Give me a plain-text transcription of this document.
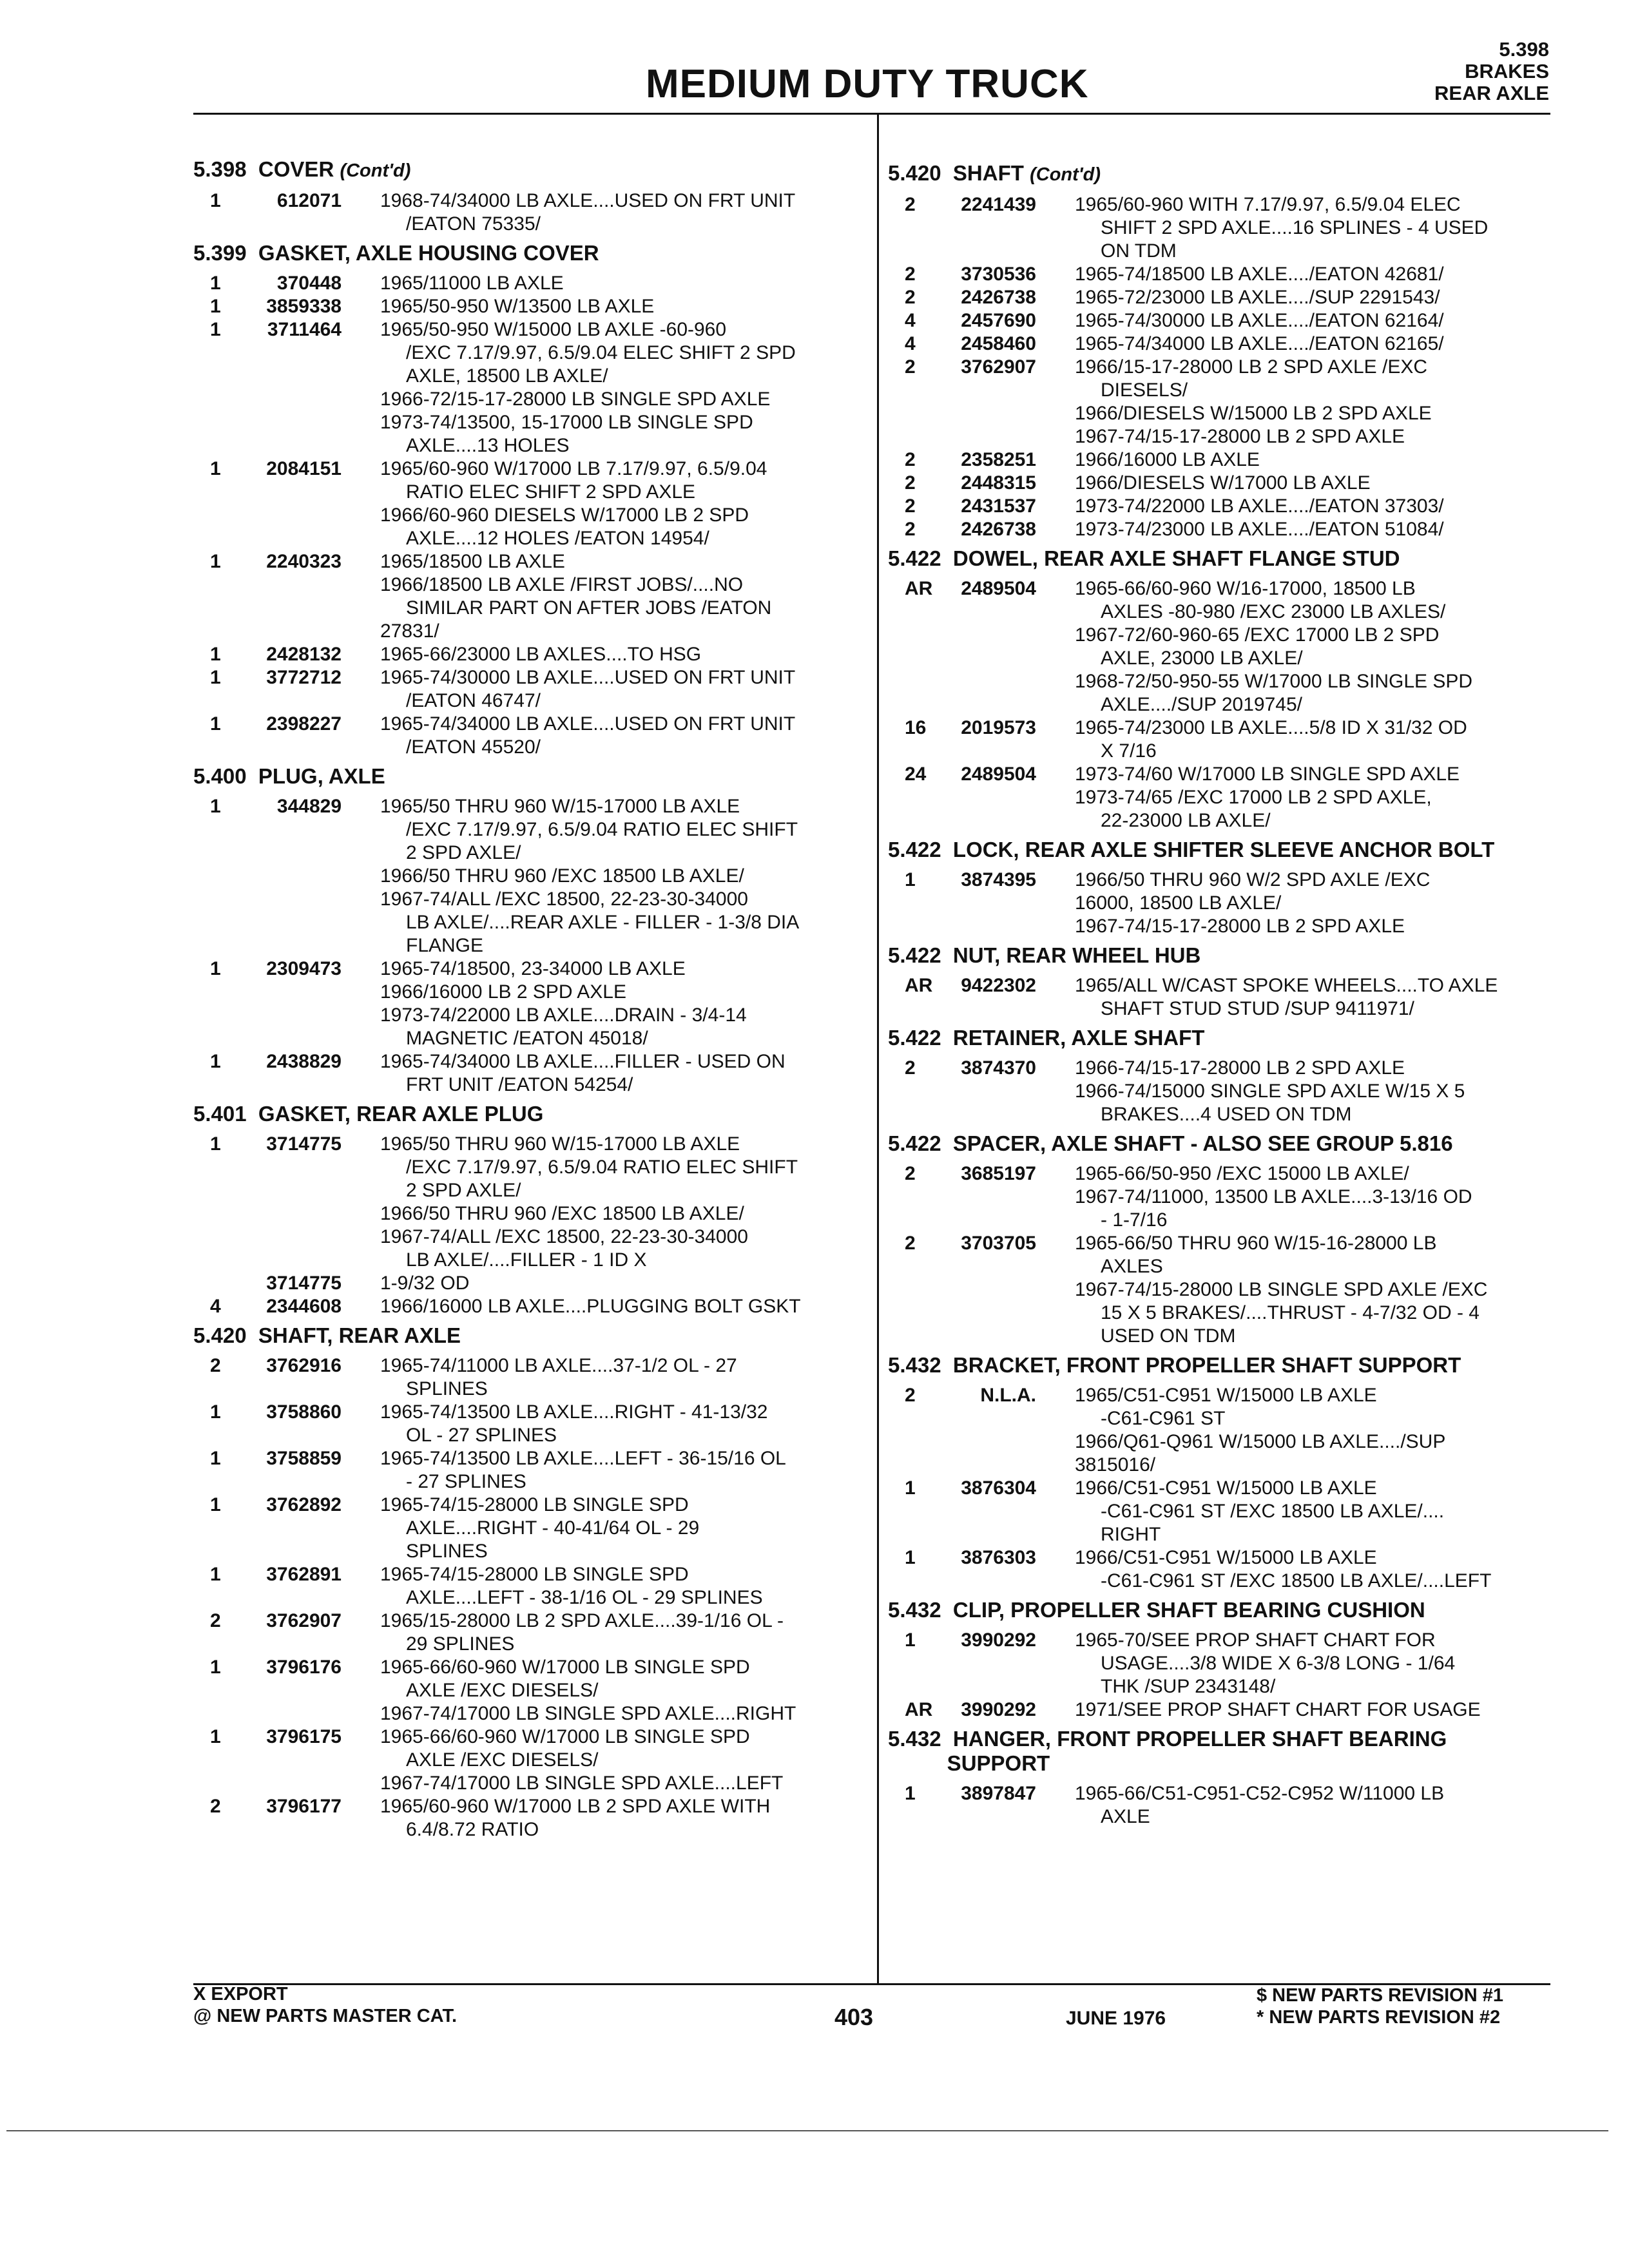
MEDIUM DUTY TRUCK
5.398
BRAKES
REAR AXLE
5.398  COVER (Cont'd)
1	612071 1968-74/34000 LB AXLE....USED ON FRT UNIT
/EATON 75335/
5.399  GASKET, AXLE HOUSING COVER
1	370448 1965/11000 LB AXLE
1	3859338 1965/50-950 W/13500 LB AXLE
1	3711464 1965/50-950 W/15000 LB AXLE -60-960
/EXC 7.17/9.97, 6.5/9.04 ELEC SHIFT 2 SPD
AXLE, 18500 LB AXLE/
1966-72/15-17-28000 LB SINGLE SPD AXLE
1973-74/13500, 15-17000 LB SINGLE SPD
AXLE....13 HOLES
1	2084151 1965/60-960 W/17000 LB 7.17/9.97, 6.5/9.04
RATIO ELEC SHIFT 2 SPD AXLE
1966/60-960 DIESELS W/17000 LB 2 SPD
AXLE....12 HOLES /EATON 14954/
1	2240323 1965/18500 LB AXLE
1966/18500 LB AXLE /FIRST JOBS/....NO
SIMILAR PART ON AFTER JOBS /EATON
27831/
1	2428132 1965-66/23000 LB AXLES....TO HSG
1	3772712 1965-74/30000 LB AXLE....USED ON FRT UNIT
/EATON 46747/
1	2398227 1965-74/34000 LB AXLE....USED ON FRT UNIT
/EATON 45520/
5.400  PLUG, AXLE
1	344829 1965/50 THRU 960 W/15-17000 LB AXLE
/EXC 7.17/9.97, 6.5/9.04 RATIO ELEC SHIFT
2 SPD AXLE/
1966/50 THRU 960 /EXC 18500 LB AXLE/
1967-74/ALL /EXC 18500, 22-23-30-34000
LB AXLE/....REAR AXLE - FILLER - 1-3/8 DIA
FLANGE
1	2309473 1965-74/18500, 23-34000 LB AXLE
1966/16000 LB 2 SPD AXLE
1973-74/22000 LB AXLE....DRAIN - 3/4-14
MAGNETIC /EATON 45018/
1	2438829 1965-74/34000 LB AXLE....FILLER - USED ON
FRT UNIT /EATON 54254/
5.401  GASKET, REAR AXLE PLUG
1	3714775 1965/50 THRU 960 W/15-17000 LB AXLE
/EXC 7.17/9.97, 6.5/9.04 RATIO ELEC SHIFT
2 SPD AXLE/
1966/50 THRU 960 /EXC 18500 LB AXLE/
1967-74/ALL /EXC 18500, 22-23-30-34000
LB AXLE/....FILLER - 1 ID X
3714775 1-9/32 OD
4	2344608 1966/16000 LB AXLE....PLUGGING BOLT GSKT
5.420  SHAFT, REAR AXLE
2	3762916 1965-74/11000 LB AXLE....37-1/2 OL - 27
SPLINES
1	3758860 1965-74/13500 LB AXLE....RIGHT - 41-13/32
OL - 27 SPLINES
1	3758859 1965-74/13500 LB AXLE....LEFT - 36-15/16 OL
- 27 SPLINES
1	3762892 1965-74/15-28000 LB SINGLE SPD
AXLE....RIGHT - 40-41/64 OL - 29
SPLINES
1	3762891 1965-74/15-28000 LB SINGLE SPD
AXLE....LEFT - 38-1/16 OL - 29 SPLINES
2	3762907 1965/15-28000 LB 2 SPD AXLE....39-1/16 OL -
29 SPLINES
1	3796176 1965-66/60-960 W/17000 LB SINGLE SPD
AXLE /EXC DIESELS/
1967-74/17000 LB SINGLE SPD AXLE....RIGHT
1	3796175 1965-66/60-960 W/17000 LB SINGLE SPD
AXLE /EXC DIESELS/
1967-74/17000 LB SINGLE SPD AXLE....LEFT
2	3796177 1965/60-960 W/17000 LB 2 SPD AXLE WITH
6.4/8.72 RATIO
5.420  SHAFT (Cont'd)
2	2241439 1965/60-960 WITH 7.17/9.97, 6.5/9.04 ELEC
SHIFT 2 SPD AXLE....16 SPLINES - 4 USED
ON TDM
2	3730536 1965-74/18500 LB AXLE..../EATON 42681/
2	2426738 1965-72/23000 LB AXLE..../SUP 2291543/
4	2457690 1965-74/30000 LB AXLE..../EATON 62164/
4	2458460 1965-74/34000 LB AXLE..../EATON 62165/
2	3762907 1966/15-17-28000 LB 2 SPD AXLE /EXC
DIESELS/
1966/DIESELS W/15000 LB 2 SPD AXLE
1967-74/15-17-28000 LB 2 SPD AXLE
2	2358251 1966/16000 LB AXLE
2	2448315 1966/DIESELS W/17000 LB AXLE
2	2431537 1973-74/22000 LB AXLE..../EATON 37303/
2	2426738 1973-74/23000 LB AXLE..../EATON 51084/
5.422  DOWEL, REAR AXLE SHAFT FLANGE STUD
AR	2489504 1965-66/60-960 W/16-17000, 18500 LB
AXLES -80-980 /EXC 23000 LB AXLES/
1967-72/60-960-65 /EXC 17000 LB 2 SPD
AXLE, 23000 LB AXLE/
1968-72/50-950-55 W/17000 LB SINGLE SPD
AXLE..../SUP 2019745/
16	2019573 1965-74/23000 LB AXLE....5/8 ID X 31/32 OD
X 7/16
24	2489504 1973-74/60 W/17000 LB SINGLE SPD AXLE
1973-74/65 /EXC 17000 LB 2 SPD AXLE,
22-23000 LB AXLE/
5.422  LOCK, REAR AXLE SHIFTER SLEEVE ANCHOR BOLT
1	3874395 1966/50 THRU 960 W/2 SPD AXLE /EXC
16000, 18500 LB AXLE/
1967-74/15-17-28000 LB 2 SPD AXLE
5.422  NUT, REAR WHEEL HUB
AR	9422302 1965/ALL W/CAST SPOKE WHEELS....TO AXLE
SHAFT STUD STUD /SUP 9411971/
5.422  RETAINER, AXLE SHAFT
2	3874370 1966-74/15-17-28000 LB 2 SPD AXLE
1966-74/15000 SINGLE SPD AXLE W/15 X 5
BRAKES....4 USED ON TDM
5.422  SPACER, AXLE SHAFT - ALSO SEE GROUP 5.816
2	3685197 1965-66/50-950 /EXC 15000 LB AXLE/
1967-74/11000, 13500 LB AXLE....3-13/16 OD
- 1-7/16
2	3703705 1965-66/50 THRU 960 W/15-16-28000 LB
AXLES
1967-74/15-28000 LB SINGLE SPD AXLE /EXC
15 X 5 BRAKES/....THRUST - 4-7/32 OD - 4
USED ON TDM
5.432  BRACKET, FRONT PROPELLER SHAFT SUPPORT
2	N.L.A. 1965/C51-C951 W/15000 LB AXLE
-C61-C961 ST
1966/Q61-Q961 W/15000 LB AXLE..../SUP
3815016/
1	3876304 1966/C51-C951 W/15000 LB AXLE
-C61-C961 ST /EXC 18500 LB AXLE/....
RIGHT
1	3876303 1966/C51-C951 W/15000 LB AXLE
-C61-C961 ST /EXC 18500 LB AXLE/....LEFT
5.432  CLIP, PROPELLER SHAFT BEARING CUSHION
1	3990292 1965-70/SEE PROP SHAFT CHART FOR
USAGE....3/8 WIDE X 6-3/8 LONG - 1/64
THK /SUP 2343148/
AR	3990292 1971/SEE PROP SHAFT CHART FOR USAGE
5.432  HANGER, FRONT PROPELLER SHAFT BEARING
SUPPORT
1	3897847 1965-66/C51-C951-C52-C952 W/11000 LB
AXLE
X EXPORT
@ NEW PARTS MASTER CAT.	403	JUNE 1976
$ NEW PARTS REVISION #1
* NEW PARTS REVISION #2
